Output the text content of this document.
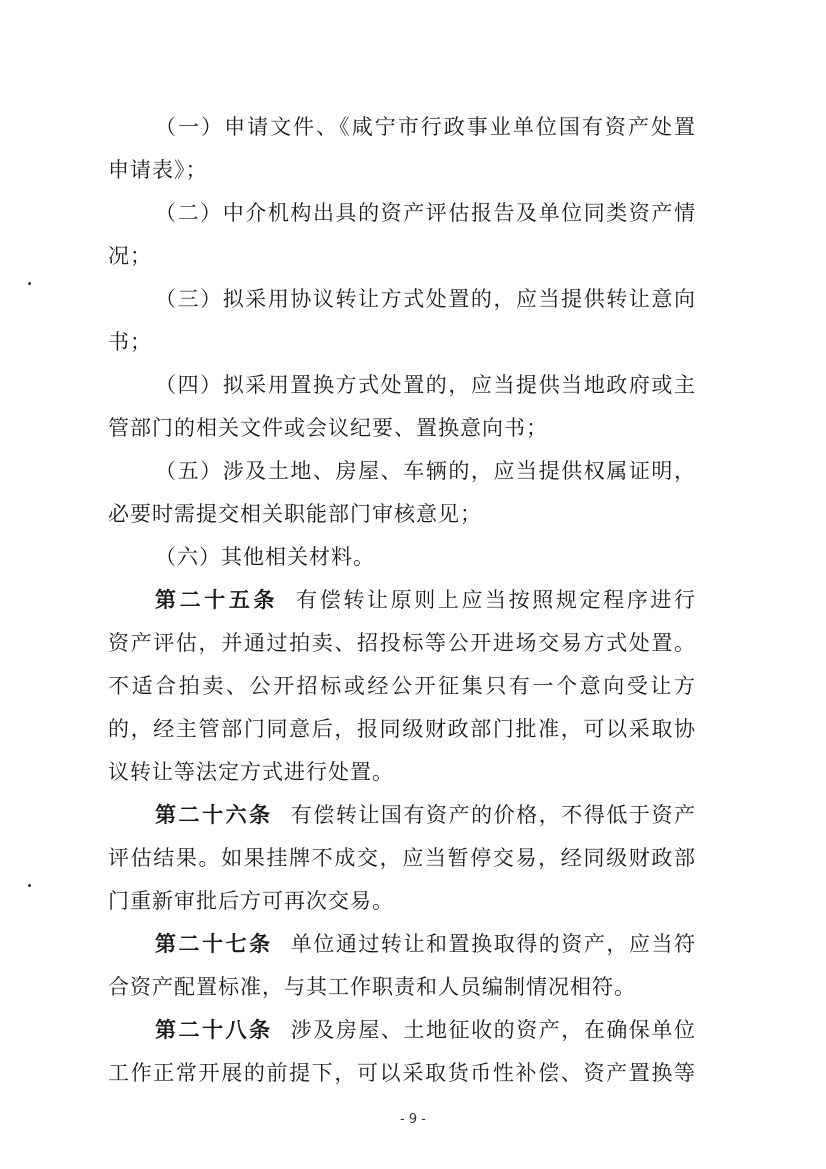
（一）申请文件、《咸宁市行政事业单位国有资产处置
申请表》；
（二）中介机构出具的资产评估报告及单位同类资产情
况；
（三）拟采用协议转让方式处置的，应当提供转让意向
书；
（四）拟采用置换方式处置的，应当提供当地政府或主
管部门的相关文件或会议纪要、置换意向书；
（五）涉及土地、房屋、车辆的，应当提供权属证明，
必要时需提交相关职能部门审核意见；
（六）其他相关材料。
第二十五条 有偿转让原则上应当按照规定程序进行
资产评估，并通过拍卖、招投标等公开进场交易方式处置。
不适合拍卖、公开招标或经公开征集只有一个意向受让方
的，经主管部门同意后，报同级财政部门批准，可以采取协
议转让等法定方式进行处置。
第二十六条 有偿转让国有资产的价格，不得低于资产
评估结果。如果挂牌不成交，应当暂停交易，经同级财政部
门重新审批后方可再次交易。
第二十七条 单位通过转让和置换取得的资产，应当符
合资产配置标准，与其工作职责和人员编制情况相符。
第二十八条 涉及房屋、土地征收的资产，在确保单位
工作正常开展的前提下，可以采取货币性补偿、资产置换等
- 9 -
